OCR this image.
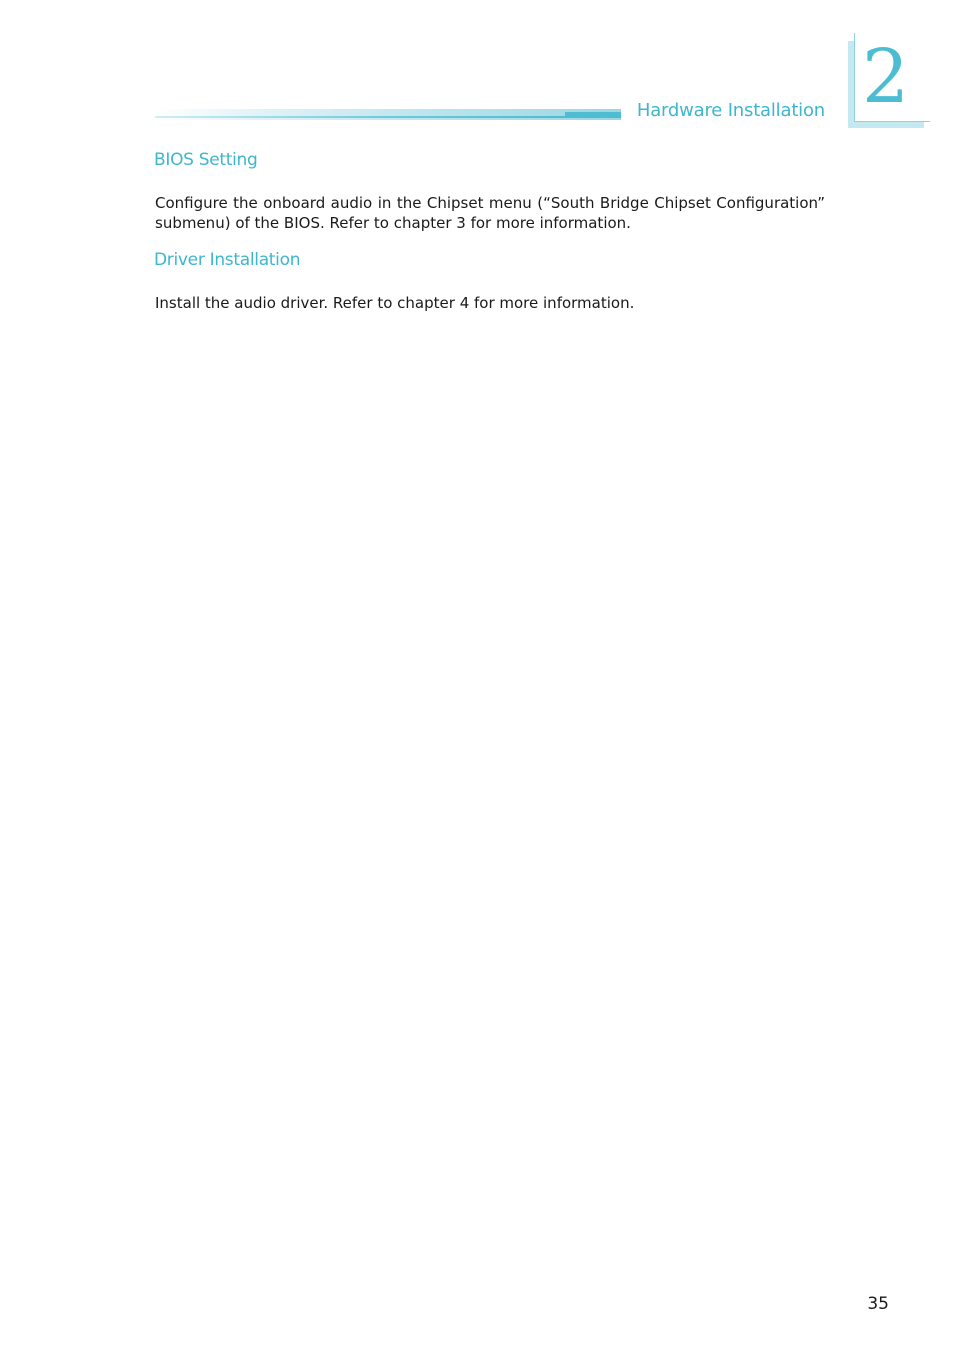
Hardware Installation 2
BIOS Setting

Configure the onboard audio in the Chipset menu (“South Bridge Chipset Configuration” submenu) of the BIOS. Refer to chapter 3 for more information.

Driver Installation

Install the audio driver. Refer to chapter 4 for more information.

35
